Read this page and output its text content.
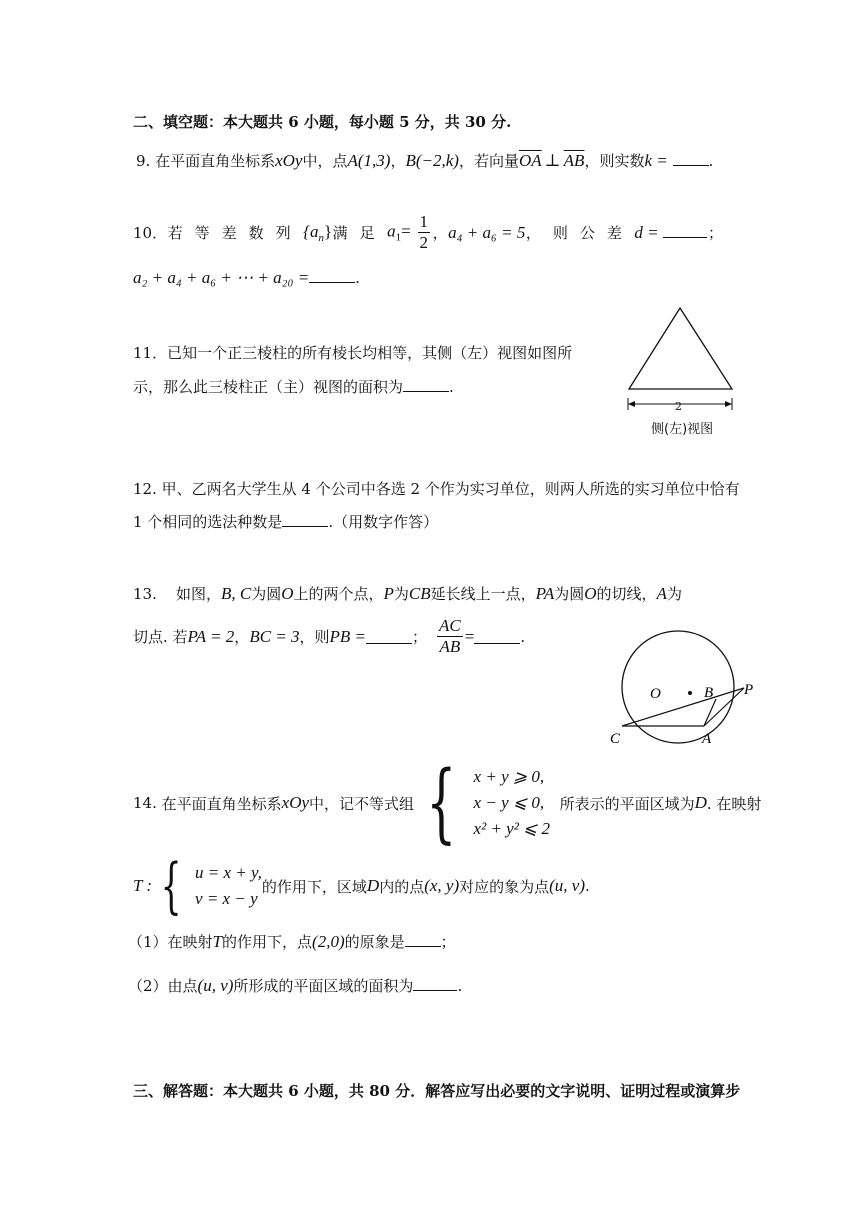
二、填空题：本大题共 6 小题，每小题 5 分，共 30 分.
9. 在平面直角坐标系xOy中，点A(1,3)，B(−2,k)，若向量$\overline{OA}$ ⊥ $\overline{AB}$，则实数k =	.
10． 若等差数列 $\{a_n\}$ 满足 $a_1= \frac{1}{2}$ ， a₄ + a₆ = 5 ，则公差 d =	；
a₂ + a₄ + a₆ + ⋯ + a₂₀ =	.
11．已知一个正三棱柱的所有棱长均相等，其侧（左）视图如图所
示，那么此三棱柱正（主）视图的面积为	.
2
侧(左)视图
12. 甲、乙两名大学生从 4 个公司中各选 2 个作为实习单位，则两人所选的实习单位中恰有
1 个相同的选法种数是	.（用数字作答）
13. 如图，B, C为圆O上的两个点，P为CB延长线上一点，PA为圆O的切线，A为
切点. 若 PA = 2 ， BC = 3 ，则 PB =	； $\frac{AC}{AB}$ =	.
O	B P
C	A
14.
在平面直角坐标系 xOy 中，记不等式组 { x + y ⩾ 0,
x − y ⩽ 0,
x² + y² ⩽ 2

所表示的平面区域为 D . 在映射
T : { u = x + y,
v = x − y
的作用下，区域 D 内的点 (x, y) 对应的象为点 (u, v) .
（1）在映射T的作用下，点(2,0)的原象是 ；
（2）由点(u, v)所形成的平面区域的面积为	.
三、解答题：本大题共 6 小题，共 80 分．解答应写出必要的文字说明、证明过程或演算步
